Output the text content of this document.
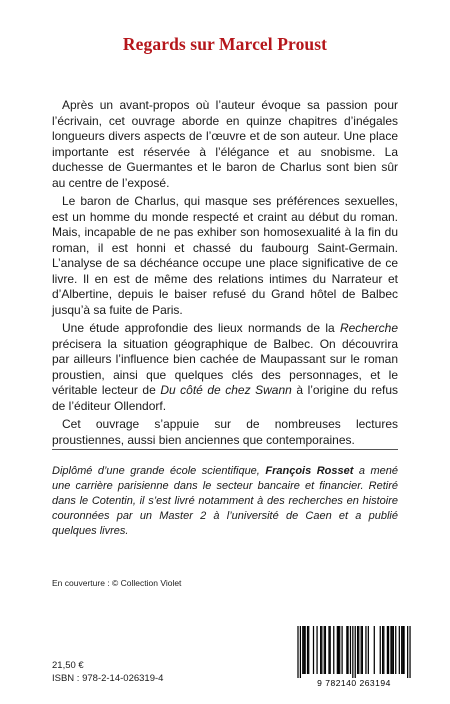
Regards sur Marcel Proust

Après un avant-propos où l’auteur évoque sa passion pour l’écrivain, cet ouvrage aborde en quinze chapitres d’inégales longueurs divers aspects de l’œuvre et de son auteur. Une place importante est réservée à l’élégance et au snobisme. La duchesse de Guermantes et le baron de Charlus sont bien sûr au centre de l’exposé.

Le baron de Charlus, qui masque ses préférences sexuelles, est un homme du monde respecté et craint au début du roman. Mais, incapable de ne pas exhiber son homosexualité à la fin du roman, il est honni et chassé du faubourg Saint-Germain. L’analyse de sa déchéance occupe une place significative de ce livre. Il en est de même des relations intimes du Narrateur et d’Albertine, depuis le baiser refusé du Grand hôtel de Balbec jusqu’à sa fuite de Paris.

Une étude approfondie des lieux normands de la Recherche précisera la situation géographique de Balbec. On découvrira par ailleurs l’influence bien cachée de Maupassant sur le roman proustien, ainsi que quelques clés des personnages, et le véritable lecteur de Du côté de chez Swann à l’origine du refus de l’éditeur Ollendorf.

Cet ouvrage s’appuie sur de nombreuses lectures proustiennes, aussi bien anciennes que contemporaines.

Diplômé d’une grande école scientifique, François Rosset a mené une carrière parisienne dans le secteur bancaire et financier. Retiré dans le Cotentin, il s’est livré notamment à des recherches en histoire couronnées par un Master 2 à l’université de Caen et a publié quelques livres.
En couverture : © Collection Violet
21,50 €
ISBN : 978-2-14-026319-4	9 782140 263194
